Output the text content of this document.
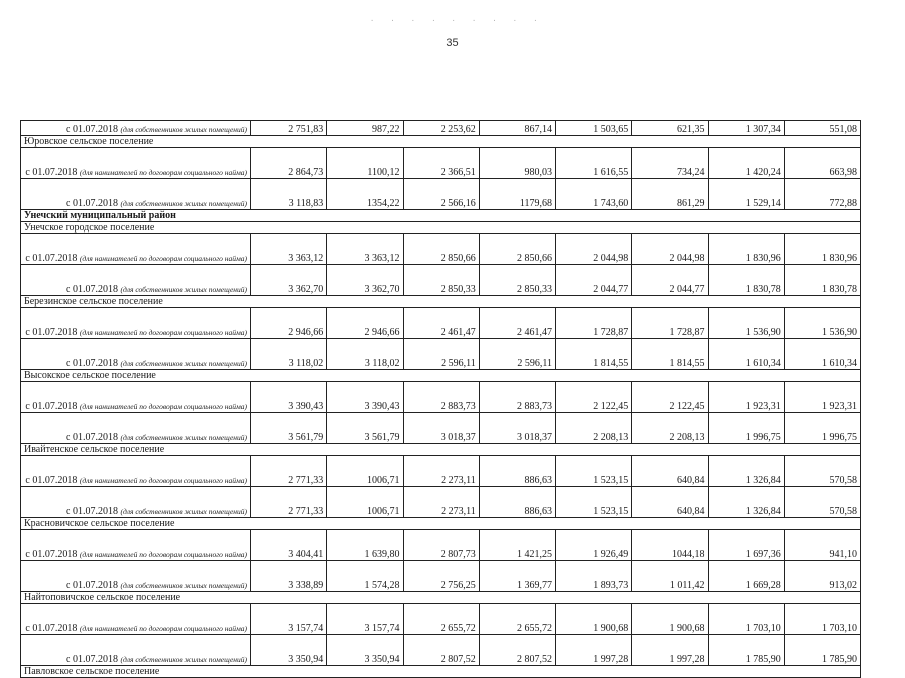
. . . . . . . . .
35
с 01.07.2018 (для собственников жилых помещений)	2 751,83	987,22	2 253,62	867,14	1 503,65	621,35	1 307,34	551,08
Юровское сельское поселение								
с 01.07.2018 (для нанимателей по договорам социального найма)	2 864,73	1100,12	2 366,51	980,03	1 616,55	734,24	1 420,24	663,98
с 01.07.2018 (для собственников жилых помещений)	3 118,83	1354,22	2 566,16	1179,68	1 743,60	861,29	1 529,14	772,88
Унечский муниципальный район								
Унечское городское поселение								
с 01.07.2018 (для нанимателей по договорам социального найма)	3 363,12	3 363,12	2 850,66	2 850,66	2 044,98	2 044,98	1 830,96	1 830,96
с 01.07.2018 (для собственников жилых помещений)	3 362,70	3 362,70	2 850,33	2 850,33	2 044,77	2 044,77	1 830,78	1 830,78
Березинское сельское поселение								
с 01.07.2018 (для нанимателей по договорам социального найма)	2 946,66	2 946,66	2 461,47	2 461,47	1 728,87	1 728,87	1 536,90	1 536,90
с 01.07.2018 (для собственников жилых помещений)	3 118,02	3 118,02	2 596,11	2 596,11	1 814,55	1 814,55	1 610,34	1 610,34
Высокское сельское поселение								
с 01.07.2018 (для нанимателей по договорам социального найма)	3 390,43	3 390,43	2 883,73	2 883,73	2 122,45	2 122,45	1 923,31	1 923,31
с 01.07.2018 (для собственников жилых помещений)	3 561,79	3 561,79	3 018,37	3 018,37	2 208,13	2 208,13	1 996,75	1 996,75
Ивайтенское сельское поселение								
с 01.07.2018 (для нанимателей по договорам социального найма)	2 771,33	1006,71	2 273,11	886,63	1 523,15	640,84	1 326,84	570,58
с 01.07.2018 (для собственников жилых помещений)	2 771,33	1006,71	2 273,11	886,63	1 523,15	640,84	1 326,84	570,58
Красновичское сельское поселение								
с 01.07.2018 (для нанимателей по договорам социального найма)	3 404,41	1 639,80	2 807,73	1 421,25	1 926,49	1044,18	1 697,36	941,10
с 01.07.2018 (для собственников жилых помещений)	3 338,89	1 574,28	2 756,25	1 369,77	1 893,73	1 011,42	1 669,28	913,02
Найтоповичское сельское поселение								
с 01.07.2018 (для нанимателей по договорам социального найма)	3 157,74	3 157,74	2 655,72	2 655,72	1 900,68	1 900,68	1 703,10	1 703,10
с 01.07.2018 (для собственников жилых помещений)	3 350,94	3 350,94	2 807,52	2 807,52	1 997,28	1 997,28	1 785,90	1 785,90
Павловское сельское поселение								
